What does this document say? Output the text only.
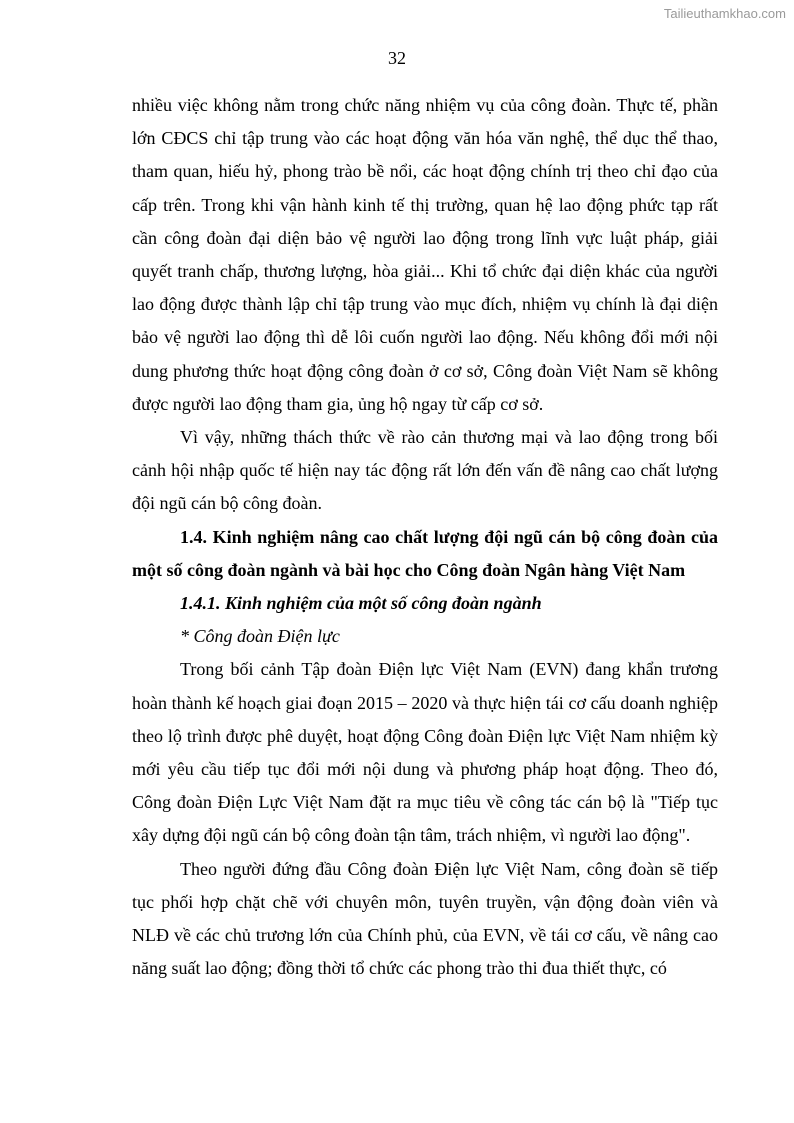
Tailieuthamkhao.com
32

nhiều việc không nằm trong chức năng nhiệm vụ của công đoàn. Thực tế, phần lớn CĐCS chỉ tập trung vào các hoạt động văn hóa văn nghệ, thể dục thể thao, tham quan, hiếu hỷ, phong trào bề nổi, các hoạt động chính trị theo chỉ đạo của cấp trên. Trong khi vận hành kinh tế thị trường, quan hệ lao động phức tạp rất cần công đoàn đại diện bảo vệ người lao động trong lĩnh vực luật pháp, giải quyết tranh chấp, thương lượng, hòa giải... Khi tổ chức đại diện khác của người lao động được thành lập chỉ tập trung vào mục đích, nhiệm vụ chính là đại diện bảo vệ người lao động thì dễ lôi cuốn người lao động. Nếu không đổi mới nội dung phương thức hoạt động công đoàn ở cơ sở, Công đoàn Việt Nam sẽ không được người lao động tham gia, ủng hộ ngay từ cấp cơ sở.

Vì vậy, những thách thức về rào cản thương mại và lao động trong bối cảnh hội nhập quốc tế hiện nay tác động rất lớn đến vấn đề nâng cao chất lượng đội ngũ cán bộ công đoàn.

1.4. Kinh nghiệm nâng cao chất lượng đội ngũ cán bộ công đoàn của một số công đoàn ngành và bài học cho Công đoàn Ngân hàng Việt Nam

1.4.1. Kinh nghiệm của một số công đoàn ngành

* Công đoàn Điện lực

Trong bối cảnh Tập đoàn Điện lực Việt Nam (EVN) đang khẩn trương hoàn thành kế hoạch giai đoạn 2015 – 2020 và thực hiện tái cơ cấu doanh nghiệp theo lộ trình được phê duyệt, hoạt động Công đoàn Điện lực Việt Nam nhiệm kỳ mới yêu cầu tiếp tục đổi mới nội dung và phương pháp hoạt động. Theo đó, Công đoàn Điện Lực Việt Nam đặt ra mục tiêu về công tác cán bộ là "Tiếp tục xây dựng đội ngũ cán bộ công đoàn tận tâm, trách nhiệm, vì người lao động".

Theo người đứng đầu Công đoàn Điện lực Việt Nam, công đoàn sẽ tiếp tục phối hợp chặt chẽ với chuyên môn, tuyên truyền, vận động đoàn viên và NLĐ về các chủ trương lớn của Chính phủ, của EVN, về tái cơ cấu, về nâng cao năng suất lao động; đồng thời tổ chức các phong trào thi đua thiết thực, có
